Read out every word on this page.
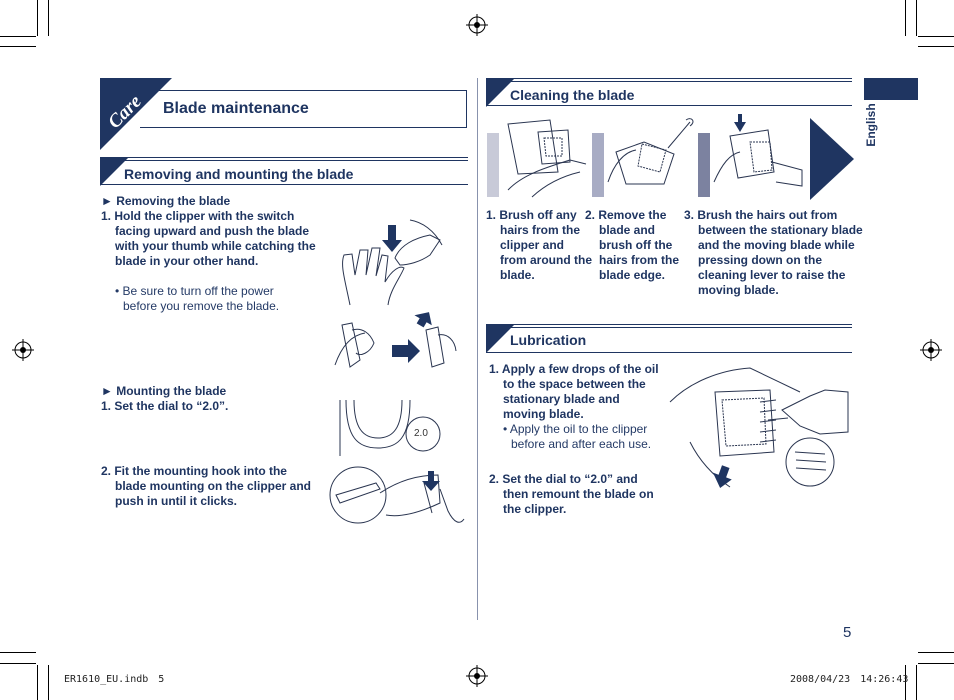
English
Care Blade maintenance
Removing and mounting the blade
► Removing the blade
1. Hold the clipper with the switch facing upward and push the blade with your thumb while catching the blade in your other hand.
• Be sure to turn off the power before you remove the blade.
► Mounting the blade
1. Set the dial to “2.0”.
2. Fit the mounting hook into the blade mounting on the clipper and push in until it clicks.
2.0
Cleaning the blade
1. Brush off any hairs from the clipper and from around the blade.
2. Remove the blade and brush off the hairs from the blade edge.
3. Brush the hairs out from between the stationary blade and the moving blade while pressing down on the cleaning lever to raise the moving blade.
Lubrication
1. Apply a few drops of the oil to the space between the stationary blade and moving blade.
• Apply the oil to the clipper before and after each use.
2. Set the dial to “2.0” and then remount the blade on the clipper.
5
ER1610_EU.indb　5	2008/04/23　14:26:43
